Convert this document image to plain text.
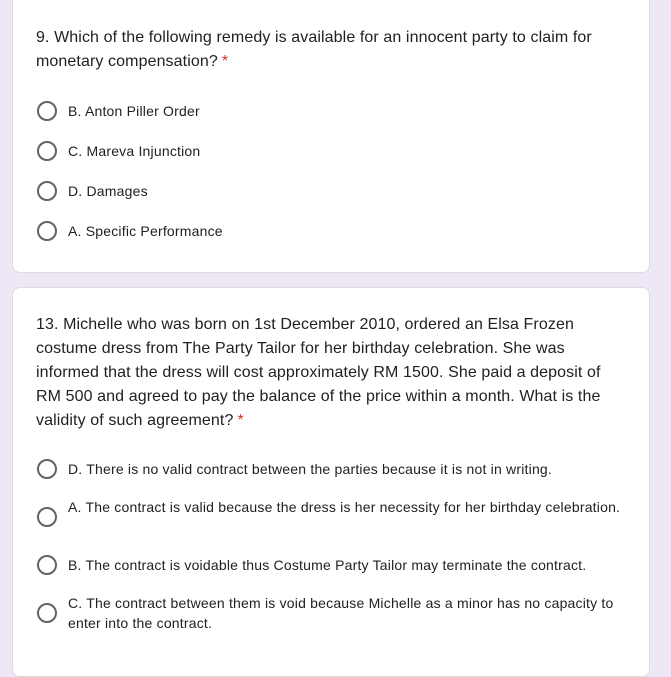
9. Which of the following remedy is available for an innocent party to claim for monetary compensation? *
B. Anton Piller Order
C. Mareva Injunction
D. Damages
A. Specific Performance
13. Michelle who was born on 1st December 2010, ordered an Elsa Frozen costume dress from The Party Tailor for her birthday celebration. She was informed that the dress will cost approximately RM 1500. She paid a deposit of RM 500 and agreed to pay the balance of the price within a month. What is the validity of such agreement? *
D. There is no valid contract between the parties because it is not in writing.
A. The contract is valid because the dress is her necessity for her birthday celebration.
B. The contract is voidable thus Costume Party Tailor may terminate the contract.
C. The contract between them is void because Michelle as a minor has no capacity to enter into the contract.
